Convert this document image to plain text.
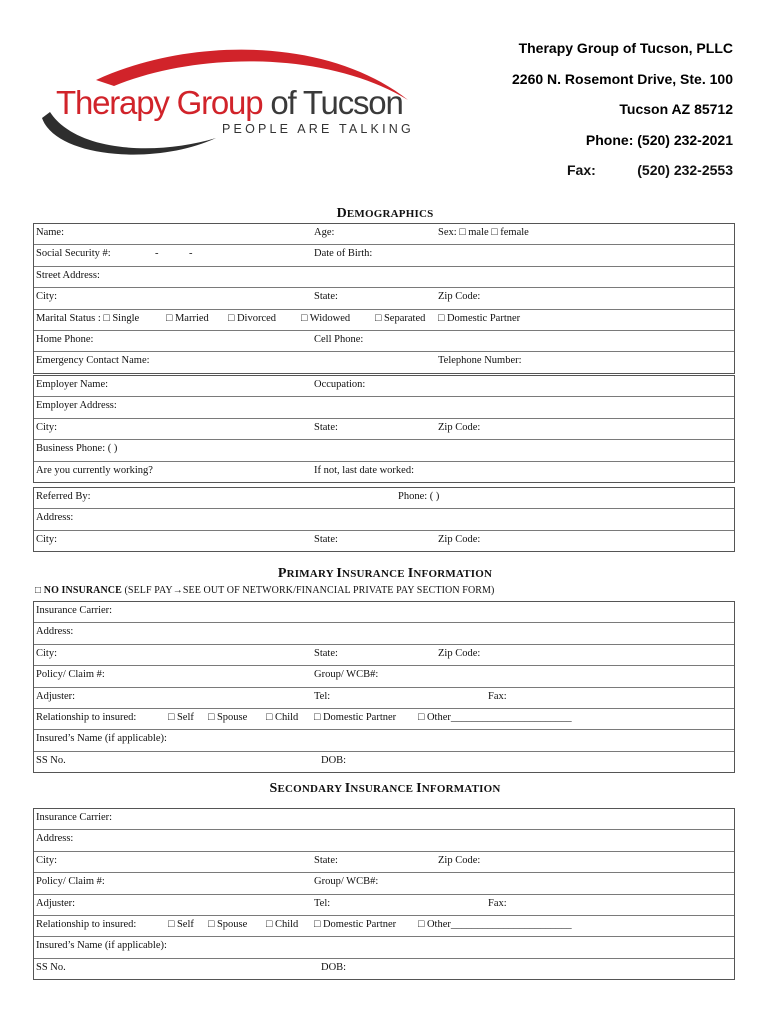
Therapy Group of Tucson
PEOPLE ARE TALKING
Therapy Group of Tucson, PLLC
2260 N. Rosemont Drive, Ste. 100
Tucson AZ 85712
Phone: (520) 232-2021
Fax:	(520) 232-2553
DEMOGRAPHICS
Name:	Age:	Sex: □ male □ female
Social Security #:	-	-	Date of Birth:
Street Address:
City:	State:	Zip Code:
Marital Status : □ Single	□ Married □ Divorced □ Widowed □ Separated □ Domestic Partner
Home Phone:	Cell Phone:
Emergency Contact Name:	Telephone Number:
Employer Name:	Occupation:
Employer Address:
City:	State:	Zip Code:
Business Phone: ( )
Are you currently working?	If not, last date worked:
Referred By:	Phone: ( )
Address:
City:	State:	Zip Code:
PRIMARY INSURANCE INFORMATION
□ NO INSURANCE (SELF PAY→SEE OUT OF NETWORK/FINANCIAL PRIVATE PAY SECTION FORM)
Insurance Carrier:
Address:
City:	State:	Zip Code:
Policy/ Claim #:	Group/ WCB#:
Adjuster:	Tel:	Fax:
Relationship to insured:	□ Self □ Spouse □ Child □ Domestic Partner □ Other_______________________
Insured’s Name (if applicable):
SS No.	DOB:
SECONDARY INSURANCE INFORMATION
Insurance Carrier:
Address:
City:	State:	Zip Code:
Policy/ Claim #:	Group/ WCB#:
Adjuster:	Tel:	Fax:
Relationship to insured:	□ Self □ Spouse □ Child □ Domestic Partner □ Other_______________________
Insured’s Name (if applicable):
SS No.	DOB:
